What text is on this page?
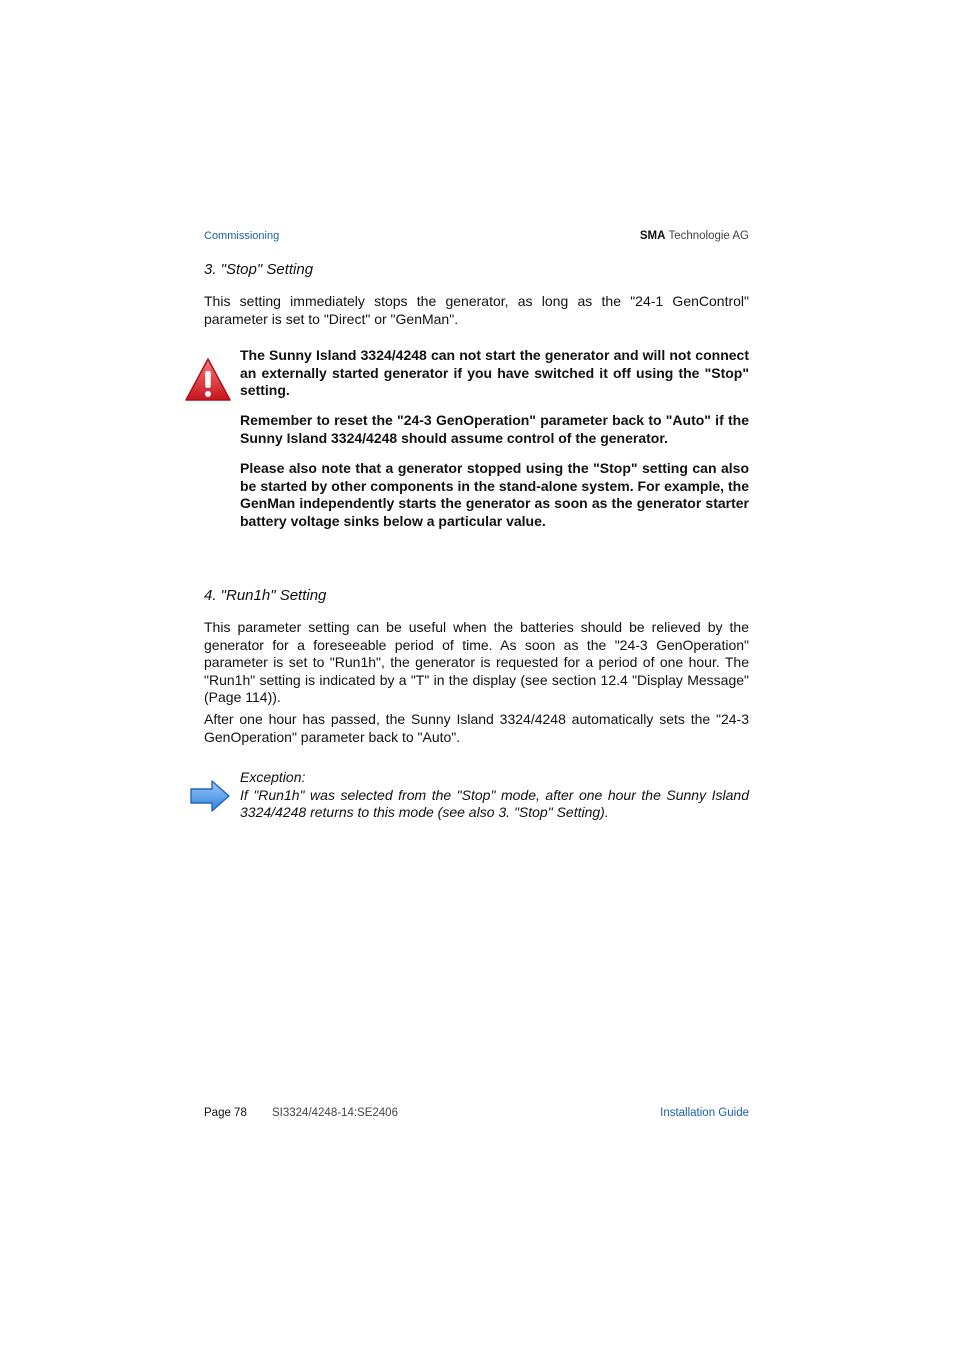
Commissioning	SMA Technologie AG
3. "Stop" Setting
This setting immediately stops the generator, as long as the "24-1 GenControl" parameter is set to "Direct" or "GenMan".

The Sunny Island 3324/4248 can not start the generator and will not connect an externally started generator if you have switched it off using the "Stop" setting.

Remember to reset the "24-3 GenOperation" parameter back to "Auto" if the Sunny Island 3324/4248 should assume control of the generator.

Please also note that a generator stopped using the "Stop" setting can also be started by other components in the stand-alone system. For example, the GenMan independently starts the generator as soon as the generator starter battery voltage sinks below a particular value.

4. "Run1h" Setting
This parameter setting can be useful when the batteries should be relieved by the generator for a foreseeable period of time. As soon as the "24-3 GenOperation" parameter is set to "Run1h", the generator is requested for a period of one hour. The "Run1h" setting is indicated by a "T" in the display (see section 12.4 "Display Message" (Page 114)).
After one hour has passed, the Sunny Island 3324/4248 automatically sets the "24-3 GenOperation" parameter back to "Auto".
Exception:
If "Run1h" was selected from the "Stop" mode, after one hour the Sunny Island 3324/4248 returns to this mode (see also 3. "Stop" Setting).
Page 78 SI3324/4248-14:SE2406	Installation Guide
